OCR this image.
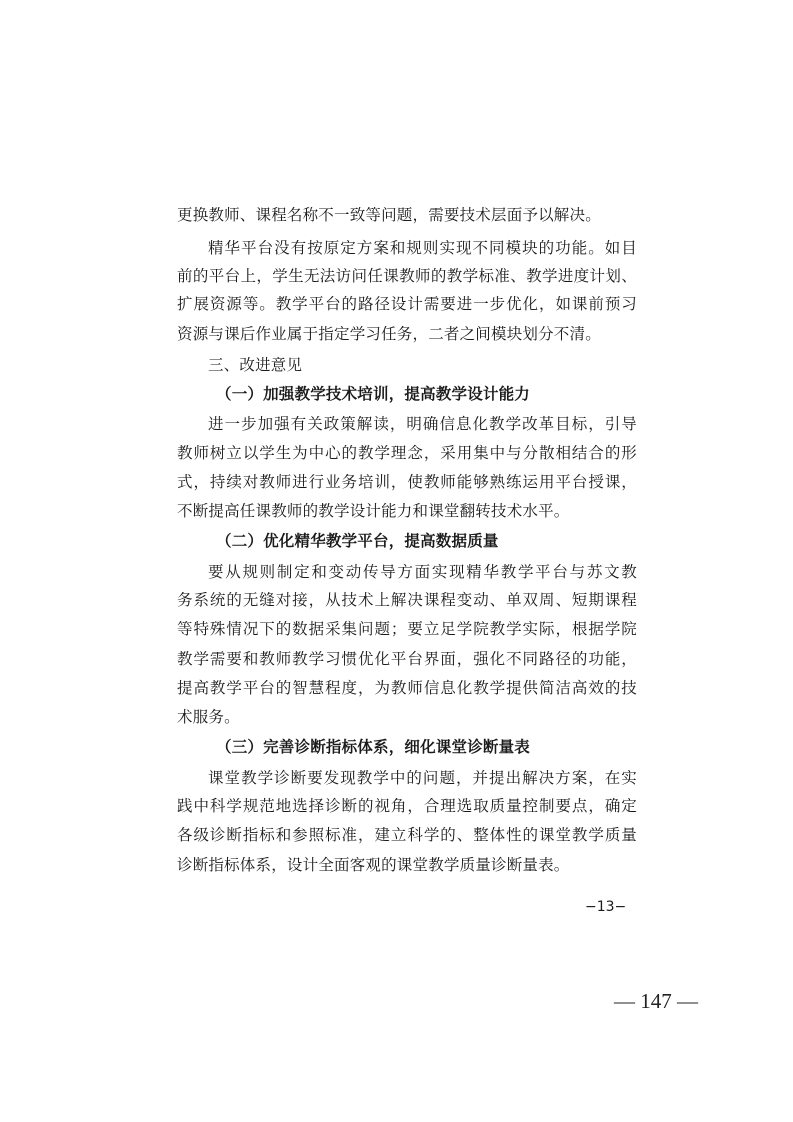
更换教师、课程名称不一致等问题，需要技术层面予以解决。
精华平台没有按原定方案和规则实现不同模块的功能。如目
前的平台上，学生无法访问任课教师的教学标准、教学进度计划、
扩展资源等。教学平台的路径设计需要进一步优化，如课前预习
资源与课后作业属于指定学习任务，二者之间模块划分不清。
三、改进意见
（一）加强教学技术培训，提高教学设计能力
进一步加强有关政策解读，明确信息化教学改革目标，引导
教师树立以学生为中心的教学理念，采用集中与分散相结合的形
式，持续对教师进行业务培训，使教师能够熟练运用平台授课，
不断提高任课教师的教学设计能力和课堂翻转技术水平。
（二）优化精华教学平台，提高数据质量
要从规则制定和变动传导方面实现精华教学平台与苏文教
务系统的无缝对接，从技术上解决课程变动、单双周、短期课程
等特殊情况下的数据采集问题；要立足学院教学实际，根据学院
教学需要和教师教学习惯优化平台界面，强化不同路径的功能，
提高教学平台的智慧程度，为教师信息化教学提供简洁高效的技
术服务。
（三）完善诊断指标体系，细化课堂诊断量表
课堂教学诊断要发现教学中的问题，并提出解决方案，在实
践中科学规范地选择诊断的视角，合理选取质量控制要点，确定
各级诊断指标和参照标准，建立科学的、整体性的课堂教学质量
诊断指标体系，设计全面客观的课堂教学质量诊断量表。
−13−
— 147 —
